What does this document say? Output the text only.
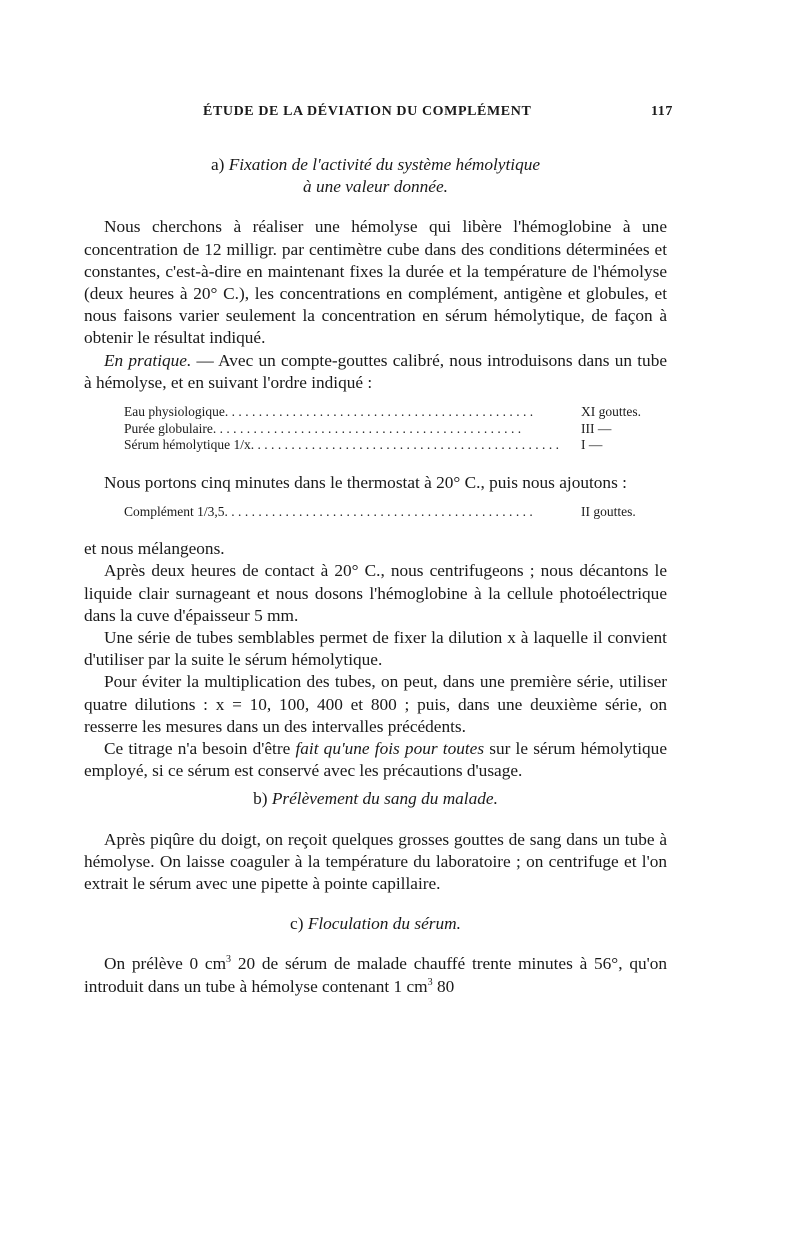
ÉTUDE DE LA DÉVIATION DU COMPLÉMENT	117

a) Fixation de l'activité du système hémolytique
à une valeur donnée.

Nous cherchons à réaliser une hémolyse qui libère l'hémoglobine à une concentration de 12 milligr. par centimètre cube dans des conditions déterminées et constantes, c'est-à-dire en maintenant fixes la durée et la température de l'hémolyse (deux heures à 20° C.), les concentrations en complément, antigène et globules, et nous faisons varier seulement la concentration en sérum hémolytique, de façon à obtenir le résultat indiqué.

En pratique. — Avec un compte-gouttes calibré, nous introduisons dans un tube à hémolyse, et en suivant l'ordre indiqué :

Eau physiologique ..............................................	XI gouttes.
Purée globulaire ..............................................	III —
Sérum hémolytique 1/x ..............................................	I —

Nous portons cinq minutes dans le thermostat à 20° C., puis nous ajoutons :

Complément 1/3,5 ..............................................	II gouttes.

et nous mélangeons.

Après deux heures de contact à 20° C., nous centrifugeons ; nous décantons le liquide clair surnageant et nous dosons l'hémoglobine à la cellule photoélectrique dans la cuve d'épaisseur 5 mm.

Une série de tubes semblables permet de fixer la dilution x à laquelle il convient d'utiliser par la suite le sérum hémolytique.

Pour éviter la multiplication des tubes, on peut, dans une première série, utiliser quatre dilutions : x = 10, 100, 400 et 800 ; puis, dans une deuxième série, on resserre les mesures dans un des intervalles précédents.

Ce titrage n'a besoin d'être fait qu'une fois pour toutes sur le sérum hémolytique employé, si ce sérum est conservé avec les précautions d'usage.

b) Prélèvement du sang du malade.

Après piqûre du doigt, on reçoit quelques grosses gouttes de sang dans un tube à hémolyse. On laisse coaguler à la température du laboratoire ; on centrifuge et l'on extrait le sérum avec une pipette à pointe capillaire.

c) Floculation du sérum.

On prélève 0 $cm^3$ 20 de sérum de malade chauffé trente minutes à 56°, qu'on introduit dans un tube à hémolyse contenant 1 $cm^3$ 80
